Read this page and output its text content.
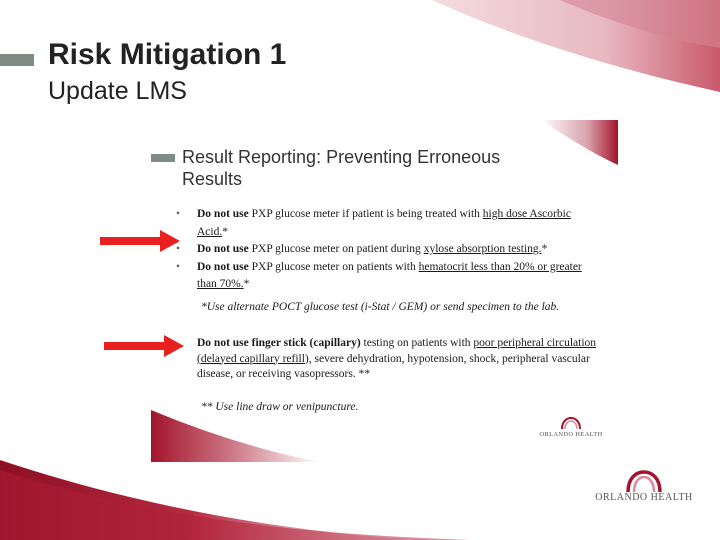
Risk Mitigation 1
Update LMS
Result Reporting: Preventing Erroneous Results
• Do not use PXP glucose meter if patient is being treated with high dose Ascorbic Acid.*
• Do not use PXP glucose meter on patient during xylose absorption testing.*
• Do not use PXP glucose meter on patients with hematocrit less than 20% or greater than 70%.*
*Use alternate POCT glucose test (i-Stat / GEM) or send specimen to the lab.
Do not use finger stick (capillary) testing on patients with poor peripheral circulation (delayed capillary refill), severe dehydration, hypotension, shock, peripheral vascular disease, or receiving vasopressors. **
** Use line draw or venipuncture.
ORLANDO HEALTH
ORLANDO HEALTH
